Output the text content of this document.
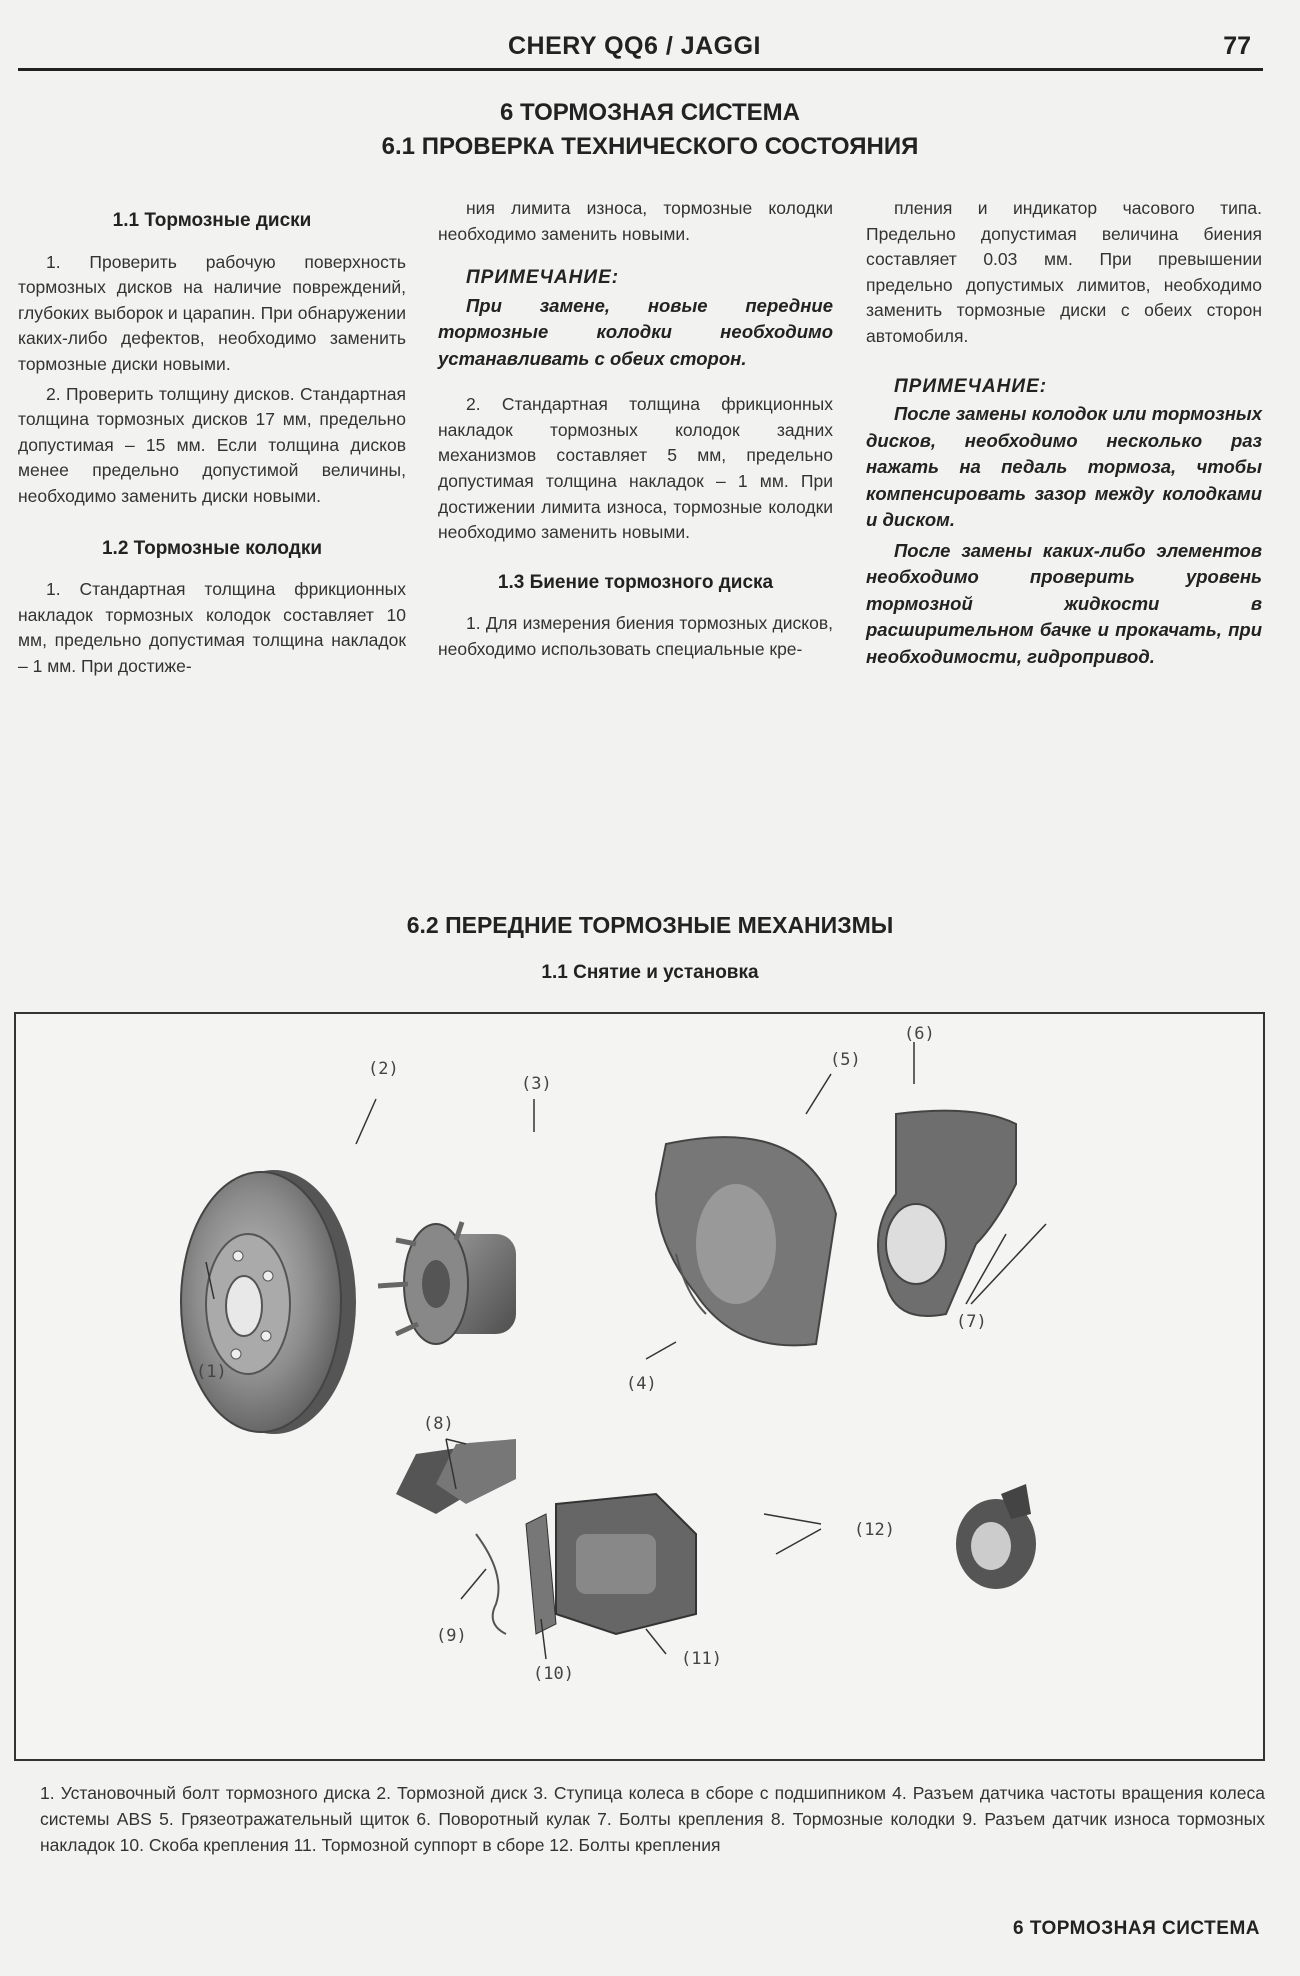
CHERY QQ6 / JAGGI	77
6 ТОРМОЗНАЯ СИСТЕМА
6.1 ПРОВЕРКА ТЕХНИЧЕСКОГО СОСТОЯНИЯ
1.1 Тормозные диски

1. Проверить рабочую поверхность тормозных дисков на наличие повреждений, глубоких выборок и царапин. При обнаружении каких-либо дефектов, необходимо заменить тормозные диски новыми.

2. Проверить толщину дисков. Стандартная толщина тормозных дисков 17 мм, предельно допустимая – 15 мм. Если толщина дисков менее предельно допустимой величины, необходимо заменить диски новыми.

1.2 Тормозные колодки

1. Стандартная толщина фрикционных накладок тормозных колодок составляет 10 мм, предельно допустимая толщина накладок – 1 мм. При достиже-

ния лимита износа, тормозные колодки необходимо заменить новыми.

ПРИМЕЧАНИЕ:

При замене, новые передние тормозные колодки необходимо устанавливать с обеих сторон.

2. Стандартная толщина фрикционных накладок тормозных колодок задних механизмов составляет 5 мм, предельно допустимая толщина накладок – 1 мм. При достижении лимита износа, тормозные колодки необходимо заменить новыми.

1.3 Биение тормозного диска

1. Для измерения биения тормозных дисков, необходимо использовать специальные кре-

пления и индикатор часового типа. Предельно допустимая величина биения составляет 0.03 мм. При превышении предельно допустимых лимитов, необходимо заменить тормозные диски с обеих сторон автомобиля.

ПРИМЕЧАНИЕ:

После замены колодок или тормозных дисков, необходимо несколько раз нажать на педаль тормоза, чтобы компенсировать зазор между колодками и диском.

После замены каких-либо элементов необходимо проверить уровень тормозной жидкости в расширительном бачке и прокачать, при необходимости, гидропривод.

6.2 ПЕРЕДНИЕ ТОРМОЗНЫЕ МЕХАНИЗМЫ
1.1 Снятие и установка
(2)
(3)
(5)
(6)
(7)
(1)
(4)
(8)
(9)
(10)
(11)
(12)
1. Установочный болт тормозного диска 2. Тормозной диск 3. Ступица колеса в сборе с подшипником 4. Разъем датчика частоты вращения колеса системы ABS 5. Грязеотражательный щиток 6. Поворотный кулак 7. Болты крепления 8. Тормозные колодки 9. Разъем датчик износа тормозных накладок 10. Скоба крепления 11. Тормозной суппорт в сборе 12. Болты крепления
6 ТОРМОЗНАЯ СИСТЕМА
